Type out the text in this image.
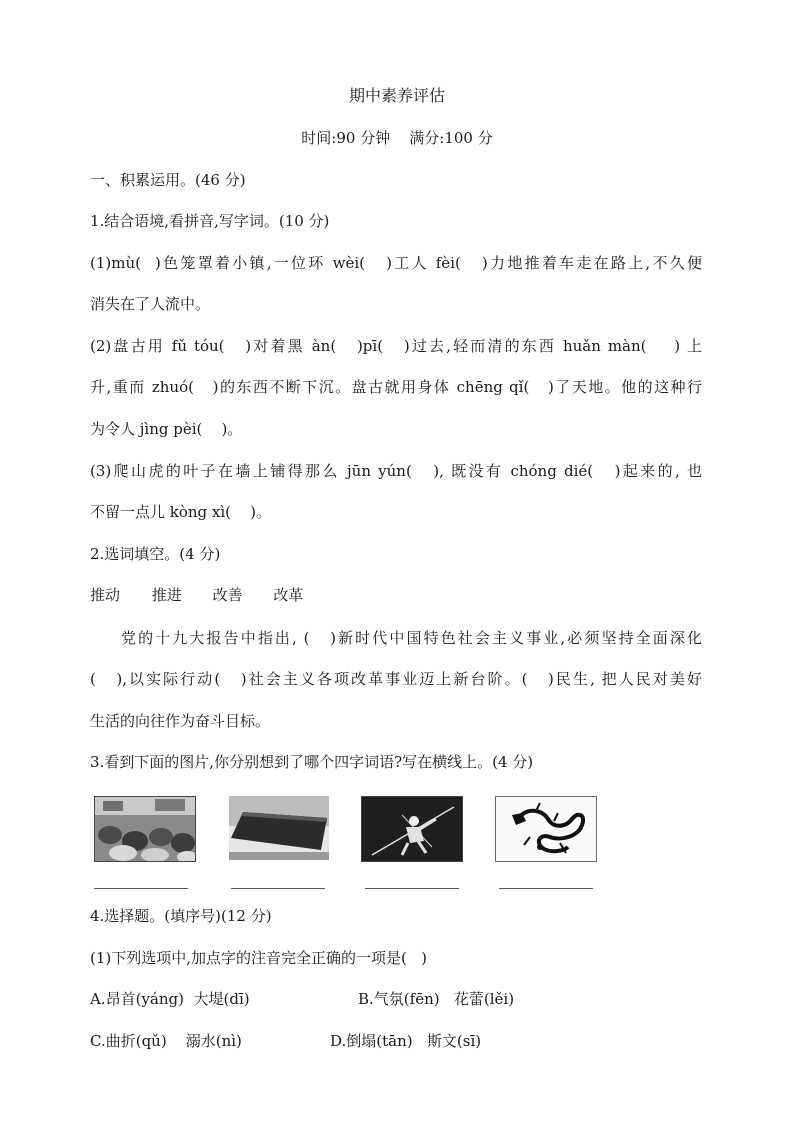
期中素养评估
时间:90 分钟    满分:100 分
一、积累运用。(46 分)
1.结合语境,看拼音,写字词。(10 分)
(1)mù(  )色笼罩着小镇,一位环 wèi(   )工人 fèi(   )力地推着车走在路上,不久便
消失在了人流中。
(2)盘古用 fǔ tóu(   )对着黑 àn(   )pī(   )过去,轻而清的东西 huǎn màn(    ) 上
升,重而 zhuó(   )的东西不断下沉。盘古就用身体 chēng qǐ(   )了天地。他的这种行
为令人 jìng pèi(    )。
(3)爬山虎的叶子在墙上铺得那么 jūn yún(   ), 既没有 chóng dié(   )起来的, 也
不留一点儿 kòng xì(    )。
2.选词填空。(4 分)
推动 推进 改善 改革
党的十九大报告中指出, (   )新时代中国特色社会主义事业,必须坚持全面深化
(   ),以实际行动(   )社会主义各项改革事业迈上新台阶。(   )民生, 把人民对美好
生活的向往作为奋斗目标。
3.看到下面的图片,你分别想到了哪个四字词语?写在横线上。(4 分)
4.选择题。(填序号)(12 分)
(1)下列选项中,加点字的注音完全正确的一项是(   )
A.昂首(yáng)  大堤(dī)	B.气氛(fēn)   花蕾(lěi)
C.曲折(qǔ)    溺水(nì)	D.倒塌(tān)   斯文(sī)
